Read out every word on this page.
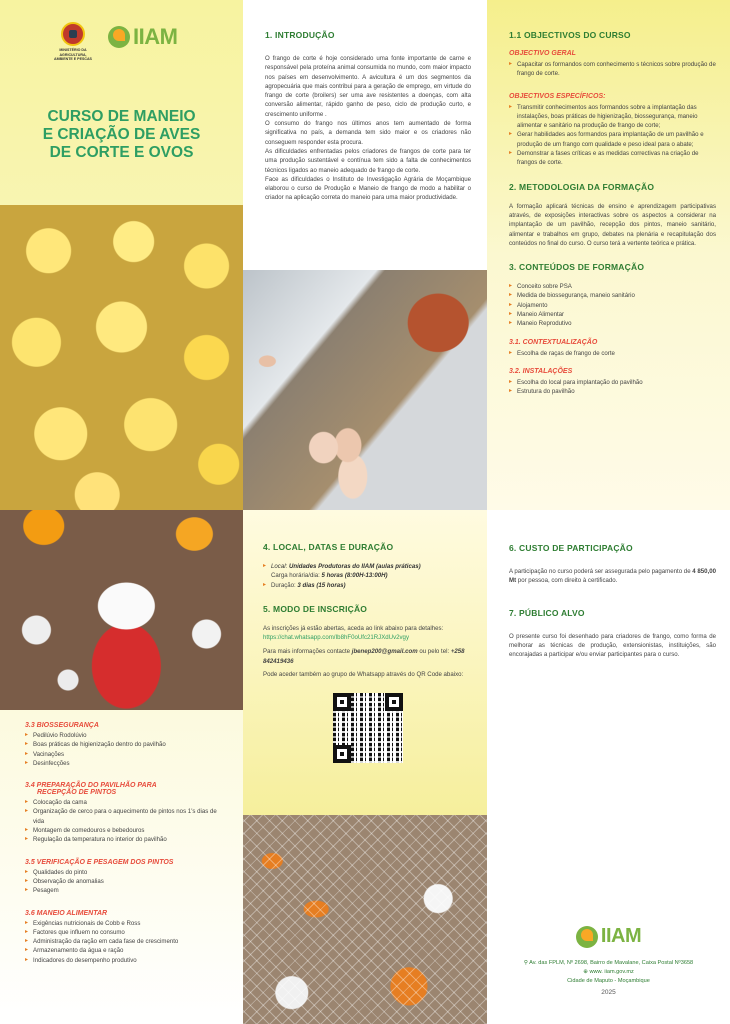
MINISTÉRIO DA AGRICULTURA, AMBIENTE E PESCAS
IIAM
CURSO DE MANEIO
E CRIAÇÃO DE AVES
DE CORTE E OVOS
3.3 BIOSSEGURANÇA
▸ Pedilúvio Rodolúvio
▸ Boas práticas de higienização dentro do pavilhão
▸ Vacinações
▸ Desinfecções
3.4 PREPARAÇÃO DO PAVILHÃO PARA
RECEPÇÃO DE PINTOS
▸ Colocação da cama
▸ Organização de cerco para o aquecimento de pintos nos 1's dias de vida
▸ Montagem de comedouros e bebedouros
▸ Regulação da temperatura no interior do pavilhão
3.5 VERIFICAÇÃO E PESAGEM DOS PINTOS
▸ Qualidades do pinto
▸ Observação de anomalias
▸ Pesagem
3.6 MANEIO ALIMENTAR
▸ Exigências nutricionais de Cobb e Ross
▸ Factores que influem no consumo
▸ Administração da ração em cada fase de crescimento
▸ Armazenamento da água e ração
▸ Indicadores do desempenho produtivo
1. INTRODUÇÃO

O frango de corte é hoje considerado uma fonte importante de carne e responsável pela proteína animal consumida no mundo, com maior impacto nos países em desenvolvimento. A avicultura é um dos segmentos da agropecuária que mais contribui para a geração de emprego, em virtude do frango de corte (broilers) ser uma ave resistentes a doenças, com alta conversão alimentar, rápido ganho de peso, ciclo de produção curto, e crescimento uniforme .

O consumo do frango nos últimos anos tem aumentado de forma significativa no país, a demanda tem sido maior e os criadores não conseguem responder esta procura.

As dificuldades enfrentadas pelos criadores de frangos de corte para ter uma produção sustentável e contínua tem sido a falta de conhecimentos técnicos ligados ao maneio adequado de frango de corte.

Face as dificuldades o Instituto de Investigação Agrária de Moçambique elaborou o curso de Produção e Maneio de frango de modo a habilitar o criador na aplicação correta do maneio para uma maior productividade.

4. LOCAL, DATAS E DURAÇÃO
▸ Local: Unidades Produtoras do IIAM (aulas práticas)
Carga horária/dia: 5 horas (8:00H-13:00H)
▸ Duração: 3 dias (15 horas)
5. MODO DE INSCRIÇÃO

As inscrições já estão abertas, aceda ao link abaixo para detalhes:

https://chat.whatsapp.com/Ib8hF0oUfc21RJXdUv2vgy

Para mais informações contacte jbenep200@gmail.com ou pelo tel: +258 842419436

Pode aceder também ao grupo de Whatsapp através do QR Code abaixo:

1.1 OBJECTIVOS DO CURSO
OBJECTIVO GERAL
▸ Capacitar os formandos com conhecimento s técnicos sobre produção de frango de corte.
OBJECTIVOS ESPECÍFICOS:
▸ Transmitir conhecimentos aos formandos sobre a implantação das instalações, boas práticas de higienização, biossegurança, maneio alimentar e sanitário na produção de frango de corte;
▸ Gerar habilidades aos formandos para implantação de um pavilhão e produção de um frango com qualidade e peso ideal para o abate;
▸ Demonstrar a fases críticas e as medidas correctivas na criação de frangos de corte.
2. METODOLOGIA DA FORMAÇÃO

A formação aplicará técnicas de ensino e aprendizagem participativas através, de exposições interactivas sobre os aspectos a considerar na implantação de um pavilhão, recepção dos pintos, maneio sanitário, alimentar e trabalhos em grupo, debates na plenária e recapitulação dos conteúdos no final do curso. O curso terá a vertente teórica e prática.

3. CONTEÚDOS DE FORMAÇÃO
▸ Conceito sobre PSA
▸ Medida de biossegurança, maneio sanitário
▸ Alojamento
▸ Maneio Alimentar
▸ Maneio Reprodutivo
3.1. CONTEXTUALIZAÇÃO
▸ Escolha de raças de frango de corte
3.2. INSTALAÇÕES
▸ Escolha do local para implantação do pavilhão
▸ Estrutura do pavilhão
6. CUSTO DE PARTICIPAÇÃO

A participação no curso poderá ser assegurada pelo pagamento de 4 850,00 Mt por pessoa, com direito à certificado.

7. PÚBLICO ALVO

O presente curso foi desenhado para criadores de frango, como forma de melhorar as técnicas de produção, extensionistas, instituições, são encorajadas a participar e/ou enviar participantes para o curso.

IIAM

⚲ Av. das FPLM, Nº 2698, Bairro de Mavalane, Caixa Postal Nº3658

⊕ www. iiam.gov.mz

Cidade de Maputo - Moçambique

2025
